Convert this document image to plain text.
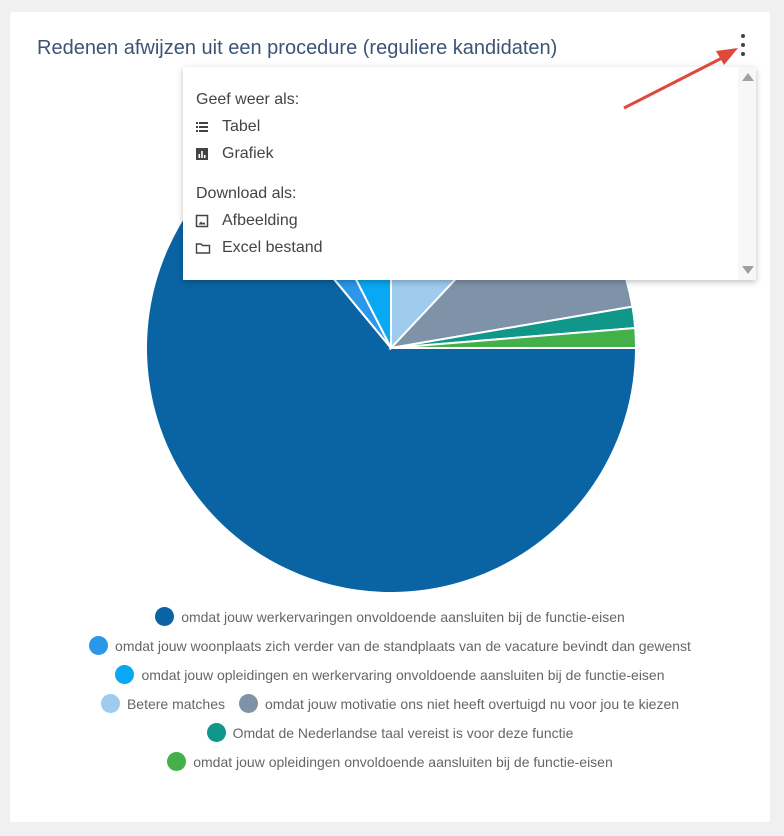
Redenen afwijzen uit een procedure (reguliere kandidaten)
omdat jouw werkervaringen onvoldoende aansluiten bij de functie-eisen
omdat jouw woonplaats zich verder van de standplaats van de vacature bevindt dan gewenst
omdat jouw opleidingen en werkervaring onvoldoende aansluiten bij de functie-eisen
Betere matches	omdat jouw motivatie ons niet heeft overtuigd nu voor jou te kiezen
Omdat de Nederlandse taal vereist is voor deze functie
omdat jouw opleidingen onvoldoende aansluiten bij de functie-eisen
Geef weer als:
Tabel
Grafiek
Download als:
Afbeelding
Excel bestand
